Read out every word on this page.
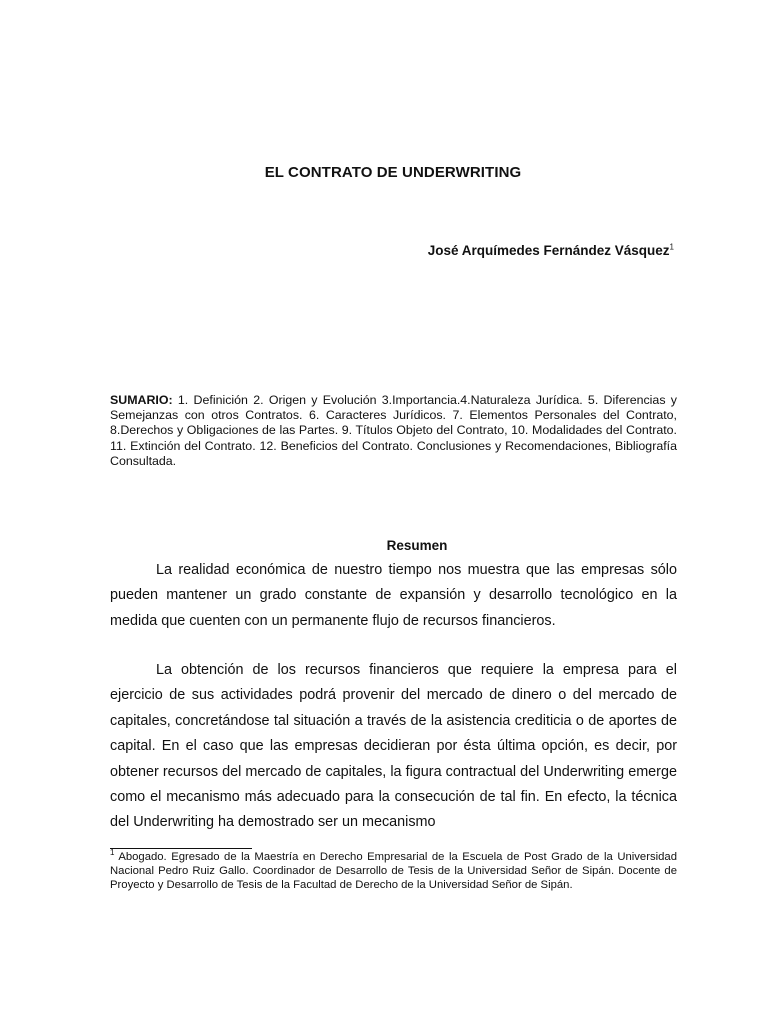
EL CONTRATO DE UNDERWRITING
José Arquímedes Fernández Vásquez$^1$
SUMARIO: 1. Definición 2. Origen y Evolución 3.Importancia.4.Naturaleza Jurídica. 5. Diferencias y Semejanzas con otros Contratos. 6. Caracteres Jurídicos. 7. Elementos Personales del Contrato, 8.Derechos y Obligaciones de las Partes. 9. Títulos Objeto del Contrato, 10. Modalidades del Contrato. 11. Extinción del Contrato. 12. Beneficios del Contrato. Conclusiones y Recomendaciones, Bibliografía Consultada.
Resumen
La realidad económica de nuestro tiempo nos muestra que las empresas sólo pueden mantener un grado constante de expansión y desarrollo tecnológico en la medida que cuenten con un permanente flujo de recursos financieros.
La obtención de los recursos financieros que requiere la empresa para el ejercicio de sus actividades podrá provenir del mercado de dinero o del mercado de capitales, concretándose tal situación a través de la asistencia crediticia o de aportes de capital. En el caso que las empresas decidieran por ésta última opción, es decir, por obtener recursos del mercado de capitales, la figura contractual del Underwriting emerge como el mecanismo más adecuado para la consecución de tal fin. En efecto, la técnica del Underwriting ha demostrado ser un mecanismo
$^1$ Abogado. Egresado de la Maestría en Derecho Empresarial de la Escuela de Post Grado de la Universidad Nacional Pedro Ruiz Gallo. Coordinador de Desarrollo de Tesis de la Universidad Señor de Sipán. Docente de Proyecto y Desarrollo de Tesis de la Facultad de Derecho de la Universidad Señor de Sipán.
